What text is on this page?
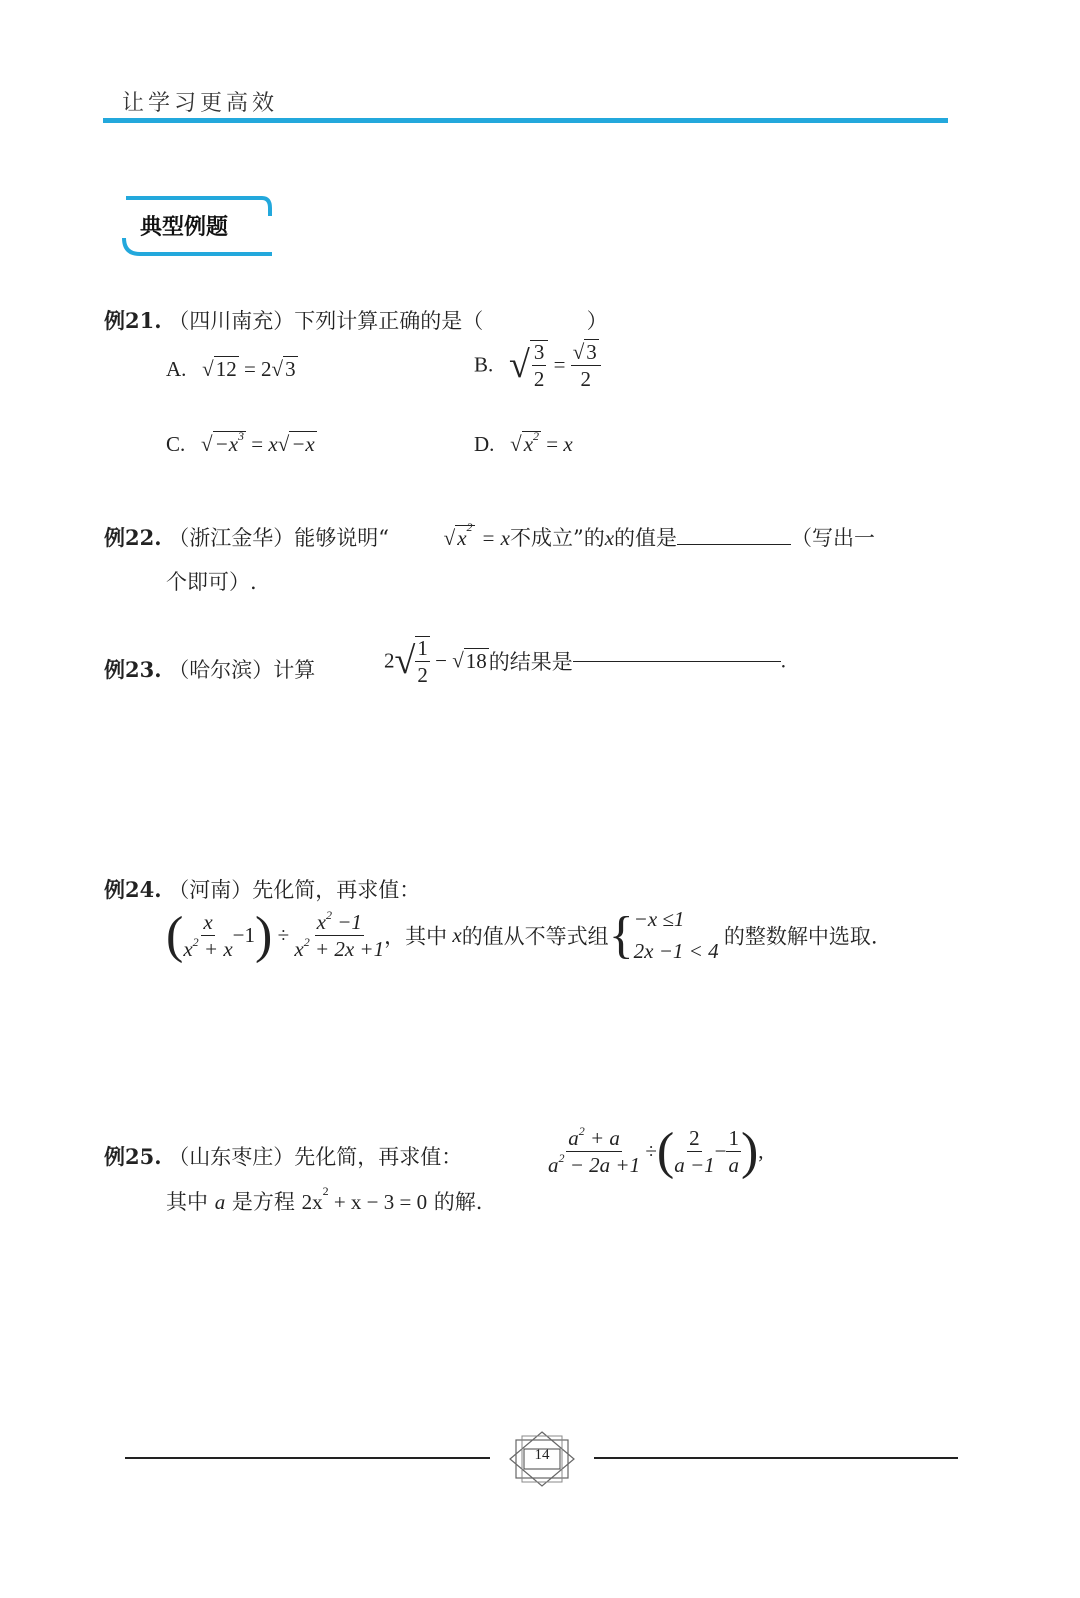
让学习更高效
典型例题
例21. （四川南充）下列计算正确的是（	）
A.   √12 = 2√3	B. √ $\frac{3}{2} = \frac{√3}{2}$
C.   $√-x^3 = x√-x$	D.   $√x^2 = x$
例22. （浙江金华）能够说明“	$√x^2 = x$不成立”的x的值是	（写出一
个即可）.
例23. （哈尔滨）计算	$2√ \frac{1}{2} - √18$的结果是	.
例24. （河南）先化简，再求值：
( $\frac{x}{x^2 + x} -1) \div \frac{x^2 -1}{x^2 + 2x +1}$ ，其中 x的值从不等式组{ −x ≤1
2x −1 < 4
的整数解中选取.
例25. （山东枣庄）先化简，再求值：	$\frac{a^2 + a}{a^2 - 2a +1}$ ÷( $\frac{2}{a -1} - \frac{1}{a}$ ),
其中 a 是方程 $2x^2 + x - 3 = 0$ 的解.
14
